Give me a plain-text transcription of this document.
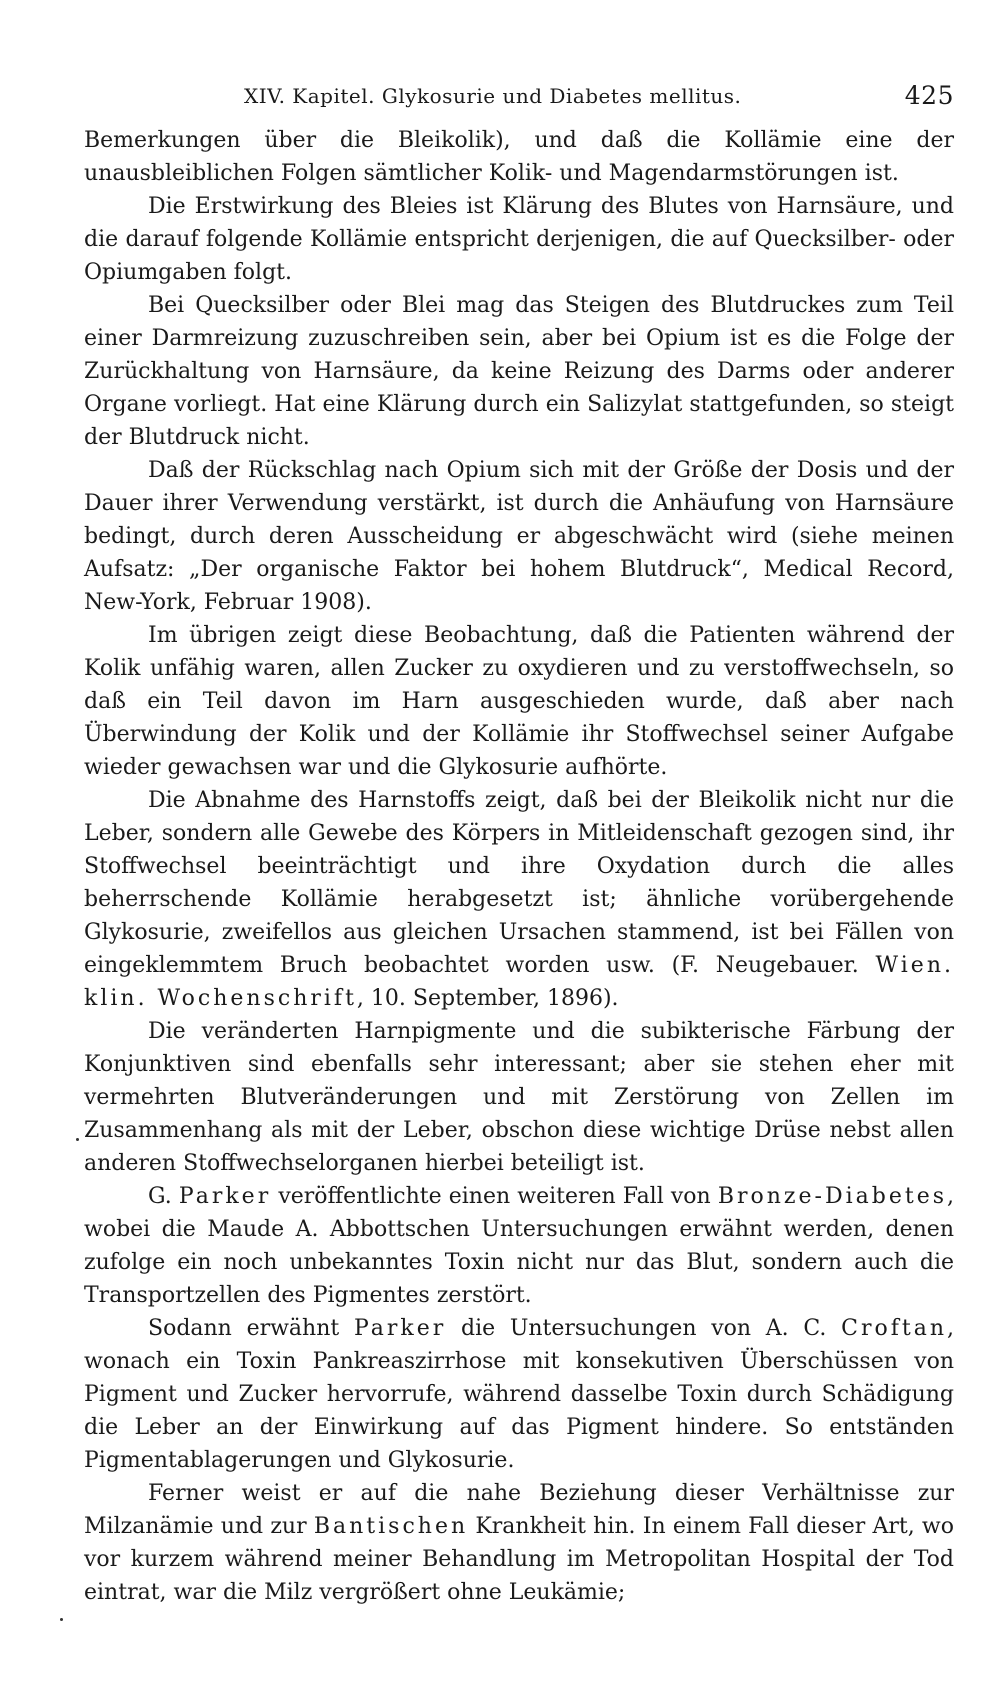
XIV. Kapitel. Glykosurie und Diabetes mellitus.	425

Bemerkungen über die Bleikolik), und daß die Kollämie eine der unausbleiblichen Folgen sämtlicher Kolik- und Magendarmstörungen ist.

Die Erstwirkung des Bleies ist Klärung des Blutes von Harnsäure, und die darauf folgende Kollämie entspricht derjenigen, die auf Quecksilber- oder Opiumgaben folgt.

Bei Quecksilber oder Blei mag das Steigen des Blutdruckes zum Teil einer Darmreizung zuzuschreiben sein, aber bei Opium ist es die Folge der Zurückhaltung von Harnsäure, da keine Reizung des Darms oder anderer Organe vorliegt. Hat eine Klärung durch ein Salizylat stattgefunden, so steigt der Blutdruck nicht.

Daß der Rückschlag nach Opium sich mit der Größe der Dosis und der Dauer ihrer Verwendung verstärkt, ist durch die Anhäufung von Harnsäure bedingt, durch deren Ausscheidung er abgeschwächt wird (siehe meinen Aufsatz: „Der organische Faktor bei hohem Blutdruck“, Medical Record, New-York, Februar 1908).

Im übrigen zeigt diese Beobachtung, daß die Patienten während der Kolik unfähig waren, allen Zucker zu oxydieren und zu verstoffwechseln, so daß ein Teil davon im Harn ausgeschieden wurde, daß aber nach Überwindung der Kolik und der Kollämie ihr Stoffwechsel seiner Aufgabe wieder gewachsen war und die Glykosurie aufhörte.

Die Abnahme des Harnstoffs zeigt, daß bei der Bleikolik nicht nur die Leber, sondern alle Gewebe des Körpers in Mitleidenschaft gezogen sind, ihr Stoffwechsel beeinträchtigt und ihre Oxydation durch die alles beherrschende Kollämie herabgesetzt ist; ähnliche vorübergehende Glykosurie, zweifellos aus gleichen Ursachen stammend, ist bei Fällen von eingeklemmtem Bruch beobachtet worden usw. (F. Neugebauer. Wien. klin. Wochenschrift, 10. September, 1896).

Die veränderten Harnpigmente und die subikterische Färbung der Konjunktiven sind ebenfalls sehr interessant; aber sie stehen eher mit vermehrten Blutveränderungen und mit Zerstörung von Zellen im Zusammenhang als mit der Leber, obschon diese wichtige Drüse nebst allen anderen Stoffwechselorganen hierbei beteiligt ist.

G. Parker veröffentlichte einen weiteren Fall von Bronze-Diabetes, wobei die Maude A. Abbottschen Untersuchungen erwähnt werden, denen zufolge ein noch unbekanntes Toxin nicht nur das Blut, sondern auch die Transportzellen des Pigmentes zerstört.

Sodann erwähnt Parker die Untersuchungen von A. C. Croftan, wonach ein Toxin Pankreaszirrhose mit konsekutiven Überschüssen von Pigment und Zucker hervorrufe, während dasselbe Toxin durch Schädigung die Leber an der Einwirkung auf das Pigment hindere. So entständen Pigmentablagerungen und Glykosurie.

Ferner weist er auf die nahe Beziehung dieser Verhältnisse zur Milzanämie und zur Bantischen Krankheit hin. In einem Fall dieser Art, wo vor kurzem während meiner Behandlung im Metropolitan Hospital der Tod eintrat, war die Milz vergrößert ohne Leukämie;
